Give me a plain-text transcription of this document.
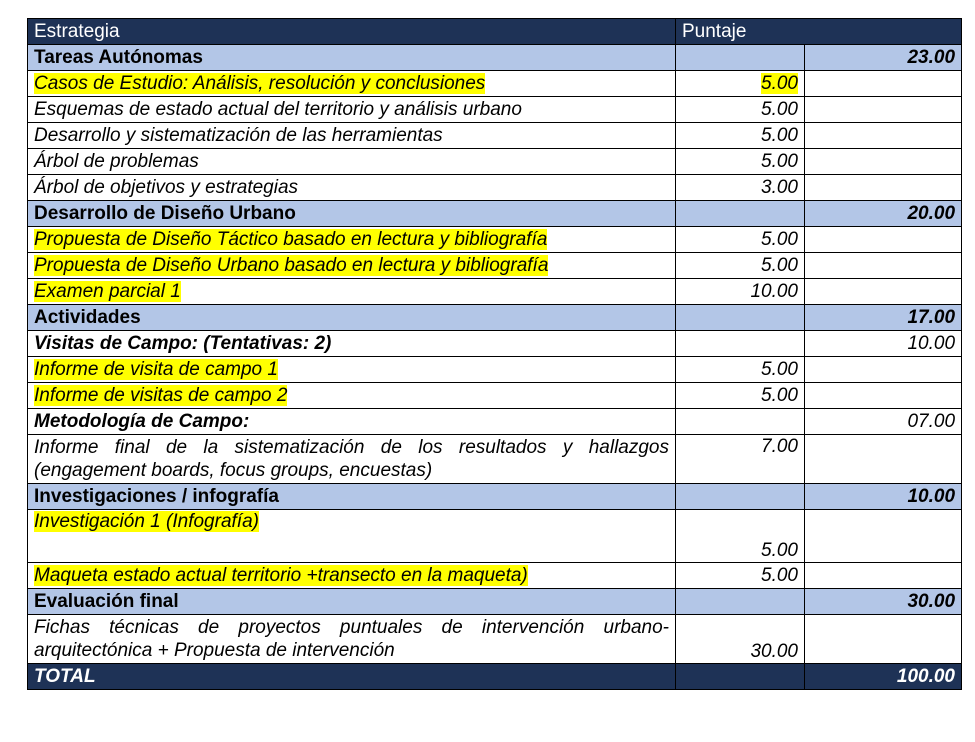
Estrategia	Puntaje	
Tareas Autónomas		23.00
Casos de Estudio: Análisis, resolución y conclusiones	5.00	
Esquemas de estado actual del territorio y análisis urbano	5.00	
Desarrollo y sistematización de las herramientas	5.00	
Árbol de problemas	5.00	
Árbol de objetivos y estrategias	3.00	
Desarrollo de Diseño Urbano		20.00
Propuesta de Diseño Táctico basado en lectura y bibliografía	5.00	
Propuesta de Diseño Urbano basado en lectura y bibliografía	5.00	
Examen parcial 1	10.00	
Actividades		17.00
Visitas de Campo: (Tentativas: 2)		10.00
Informe de visita de campo 1	5.00	
Informe de visitas de campo 2	5.00	
Metodología de Campo:		07.00
Informe final de la sistematización de los resultados y hallazgos (engagement boards, focus groups, encuestas)	7.00	
Investigaciones / infografía		10.00
Investigación 1 (Infografía)	5.00	
Maqueta estado actual territorio +transecto en la maqueta)	5.00	
Evaluación final		30.00
Fichas técnicas de proyectos puntuales de intervención urbano-arquitectónica + Propuesta de intervención	30.00	
TOTAL		100.00
